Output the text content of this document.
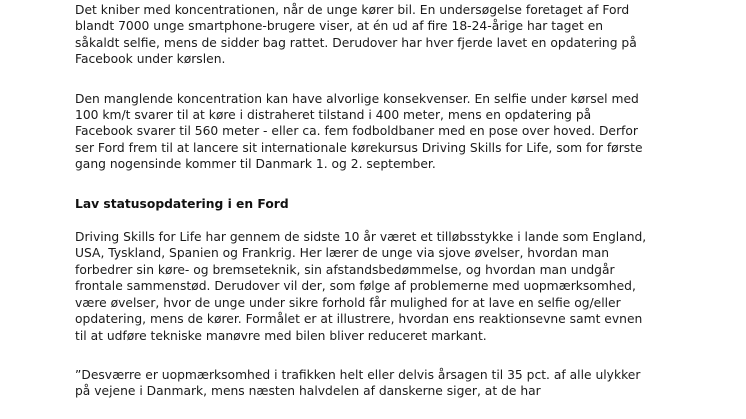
Det kniber med koncentrationen, når de unge kører bil. En undersøgelse foretaget af Ford blandt 7000 unge smartphone-brugere viser, at én ud af fire 18-24-årige har taget en såkaldt selfie, mens de sidder bag rattet. Derudover har hver fjerde lavet en opdatering på Facebook under kørslen.

Den manglende koncentration kan have alvorlige konsekvenser. En selfie under kørsel med 100 km/t svarer til at køre i distraheret tilstand i 400 meter, mens en opdatering på Facebook svarer til 560 meter - eller ca. fem fodboldbaner med en pose over hoved. Derfor ser Ford frem til at lancere sit internationale kørekursus Driving Skills for Life, som for første gang nogensinde kommer til Danmark 1. og 2. september.

Lav statusopdatering i en Ford

Driving Skills for Life har gennem de sidste 10 år været et tilløbsstykke i lande som England, USA, Tyskland, Spanien og Frankrig. Her lærer de unge via sjove øvelser, hvordan man forbedrer sin køre- og bremseteknik, sin afstandsbedømmelse, og hvordan man undgår frontale sammenstød. Derudover vil der, som følge af problemerne med uopmærksomhed, være øvelser, hvor de unge under sikre forhold får mulighed for at lave en selfie og/eller opdatering, mens de kører. Formålet er at illustrere, hvordan ens reaktionsevne samt evnen til at udføre tekniske manøvre med bilen bliver reduceret markant.

”Desværre er uopmærksomhed i trafikken helt eller delvis årsagen til 35 pct. af alle ulykker på vejene i Danmark, mens næsten halvdelen af danskerne siger, at de har
